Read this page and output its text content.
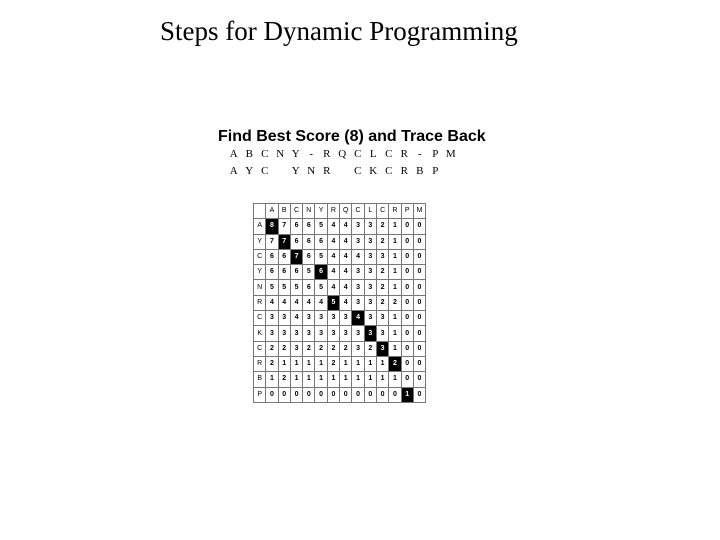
Steps for Dynamic Programming
Find Best Score (8) and Trace Back
A B C N Y - R Q C L C R - P M
A Y C	Y N R	C K C R B P
	A	B	C	N	Y	R	Q	C	L	C	R	P	M
A	8	7	6	6	5	4	4	3	3	2	1	0	0
Y	7	7	6	6	6	4	4	3	3	2	1	0	0
C	6	6	7	6	5	4	4	4	3	3	1	0	0
Y	6	6	6	5	6	4	4	3	3	2	1	0	0
N	5	5	5	6	5	4	4	3	3	2	1	0	0
R	4	4	4	4	4	5	4	3	3	2	2	0	0
C	3	3	4	3	3	3	3	4	3	3	1	0	0
K	3	3	3	3	3	3	3	3	3	3	1	0	0
C	2	2	3	2	2	2	2	3	2	3	1	0	0
R	2	1	1	1	1	2	1	1	1	1	2	0	0
B	1	2	1	1	1	1	1	1	1	1	1	0	0
P	0	0	0	0	0	0	0	0	0	0	0	1	0
